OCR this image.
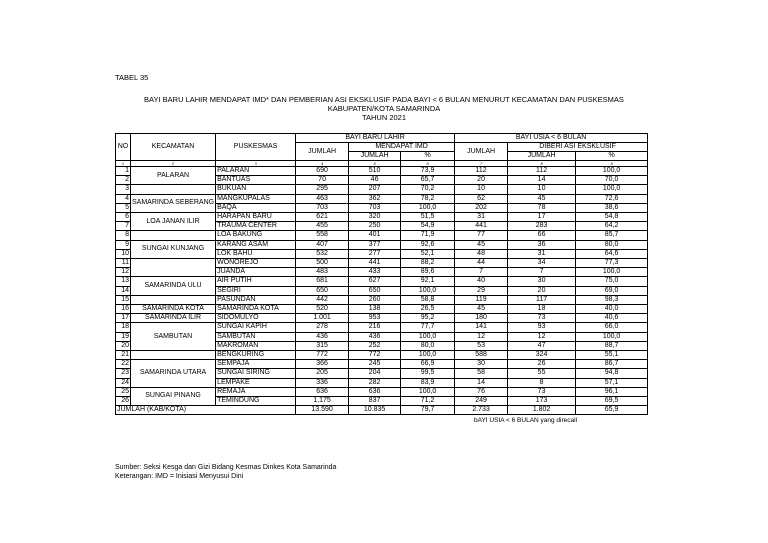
TABEL 35
BAYI BARU LAHIR MENDAPAT IMD* DAN PEMBERIAN ASI EKSKLUSIF PADA BAYI < 6 BULAN MENURUT KECAMATAN DAN PUSKESMAS
KABUPATEN/KOTA SAMARINDA
TAHUN 2021
NO	KECAMATAN	PUSKESMAS	BAYI BARU LAHIR			BAYI USIA < 6 BULAN		
			JUMLAH	MENDAPAT IMD		JUMLAH	DIBERI ASI EKSKLUSIF	
				JUMLAH	%		JUMLAH	%
1	2	3	4	5	6	7	8	9
1	PALARAN	PALARAN	690	510	73,9	112	112	100,0
2		BANTUAS	70	46	65,7	20	14	70,0
3		BUKUAN	295	207	70,2	10	10	100,0
4	SAMARINDA SEBERANG	MANGKUPALAS	463	362	78,2	62	45	72,6
5		BAQA	703	703	100,0	202	78	38,6
6	LOA JANAN ILIR	HARAPAN BARU	621	320	51,5	31	17	54,8
7		TRAUMA CENTER	455	250	54,9	441	283	64,2
8		LOA BAKUNG	558	401	71,9	77	66	85,7
9	SUNGAI KUNJANG	KARANG ASAM	407	377	92,6	45	36	80,0
10		LOK BAHU	532	277	52,1	48	31	64,6
11		WONOREJO	500	441	88,2	44	34	77,3
12		JUANDA	483	433	89,6	7	7	100,0
13	SAMARINDA ULU	AIR PUTIH	681	627	92,1	40	30	75,0
14		SEGIRI	650	650	100,0	29	20	69,0
15		PASUNDAN	442	260	58,8	119	117	98,3
16	SAMARINDA KOTA	SAMARINDA KOTA	520	138	26,5	45	18	40,0
17	SAMARINDA ILIR	SIDOMULYO	1.001	953	95,2	180	73	40,6
18	SAMBUTAN	SUNGAI KAPIH	278	216	77,7	141	93	66,0
19		SAMBUTAN	436	436	100,0	12	12	100,0
20		MAKROMAN	315	252	80,0	53	47	88,7
21		BENGKURING	772	772	100,0	588	324	55,1
22	SAMARINDA UTARA	SEMPAJA	366	245	66,9	30	26	86,7
23		SUNGAI SIRING	205	204	99,5	58	55	94,8
24		LEMPAKE	336	282	83,9	14	8	57,1
25	SUNGAI PINANG	REMAJA	636	636	100,0	76	73	96,1
26		TEMINDUNG	1.175	837	71,2	249	173	69,5
JUMLAH (KAB/KOTA)			13.590	10.835	79,7	2.733	1.802	65,9
bAYI USIA < 6 BULAN yang direcall
Sumber: Seksi Kesga dan Gizi Bidang Kesmas Dinkes Kota Samarinda
Keterangan: IMD = Inisiasi Menyusui Dini
